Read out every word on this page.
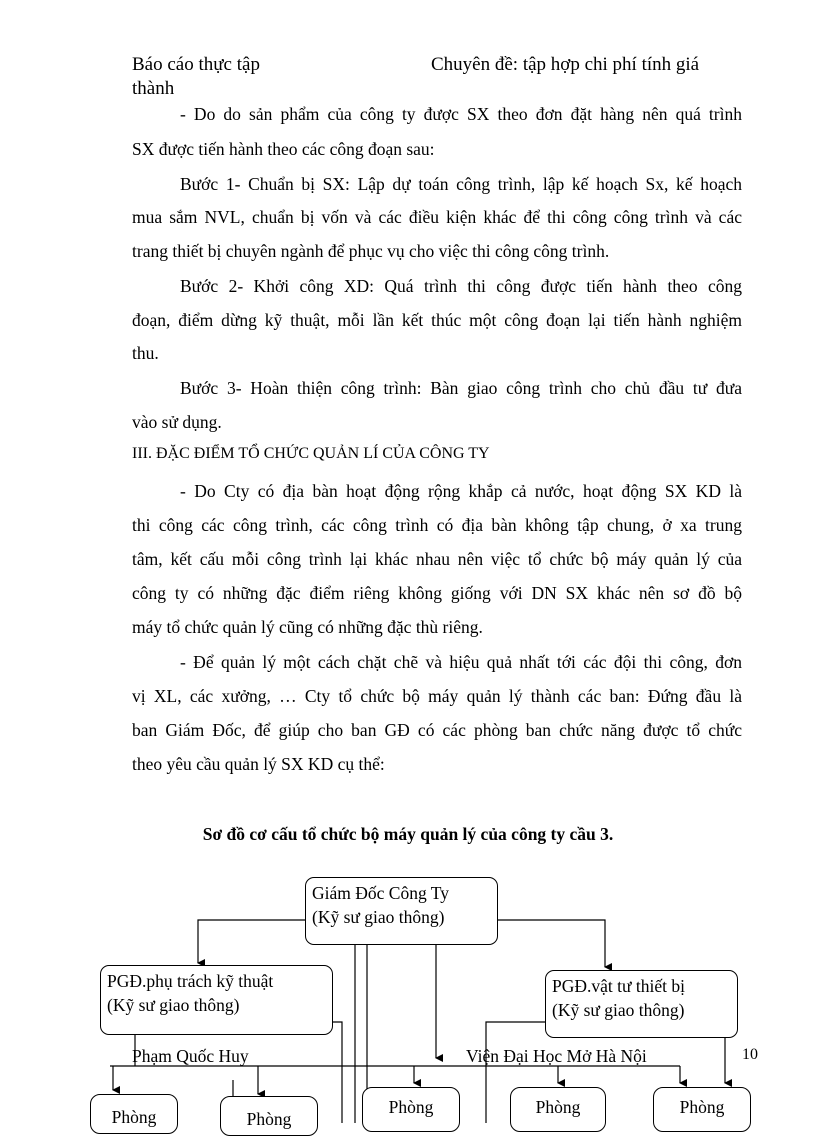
Báo cáo thực tập
thành
Chuyên đề: tập hợp chi phí tính giá
- Do do sản phẩm của công ty được SX theo đơn đặt hàng nên quá trình
SX được tiến hành theo các công đoạn sau:
Bước 1- Chuẩn bị SX: Lập dự toán công trình, lập kế hoạch Sx, kế hoạch
mua sắm NVL, chuẩn bị vốn và các điều kiện khác để thi công công trình và các
trang thiết bị chuyên ngành để phục vụ cho việc thi công công trình.
Bước 2- Khởi công XD: Quá trình thi công được tiến hành theo công
đoạn, điểm dừng kỹ thuật, mỗi lần kết thúc một công đoạn lại tiến hành nghiệm
thu.
Bước 3- Hoàn thiện công trình: Bàn giao công trình cho chủ đầu tư đưa
vào sử dụng.
III. ĐẶC ĐIỂM TỔ CHỨC QUẢN LÍ CỦA CÔNG TY
- Do Cty có địa bàn hoạt động rộng khắp cả nước, hoạt động SX KD là
thi công các công trình, các công trình có địa bàn không tập chung, ở xa trung
tâm, kết cấu mỗi công trình lại khác nhau nên việc tổ chức bộ máy quản lý của
công ty có những đặc điểm riêng không giống với DN SX khác nên sơ đồ bộ
máy tổ chức quản lý cũng có những đặc thù riêng.
- Để quản lý một cách chặt chẽ và hiệu quả nhất tới các đội thi công, đơn
vị XL, các xưởng, … Cty tổ chức bộ máy quản lý thành các ban: Đứng đầu là
ban Giám Đốc, để giúp cho ban GĐ có các phòng ban chức năng được tổ chức
theo yêu cầu quản lý SX KD cụ thể:
Sơ đồ cơ cấu tổ chức bộ máy quản lý của công ty cầu 3.
Giám Đốc Công Ty
(Kỹ sư giao thông)
PGĐ.phụ trách kỹ thuật
(Kỹ sư giao thông)
PGĐ.vật tư thiết bị
(Kỹ sư giao thông)
Phạm Quốc Huy	Viện Đại Học Mở Hà Nội	10
Phòng	Phòng
Phòng	Phòng	Phòng
